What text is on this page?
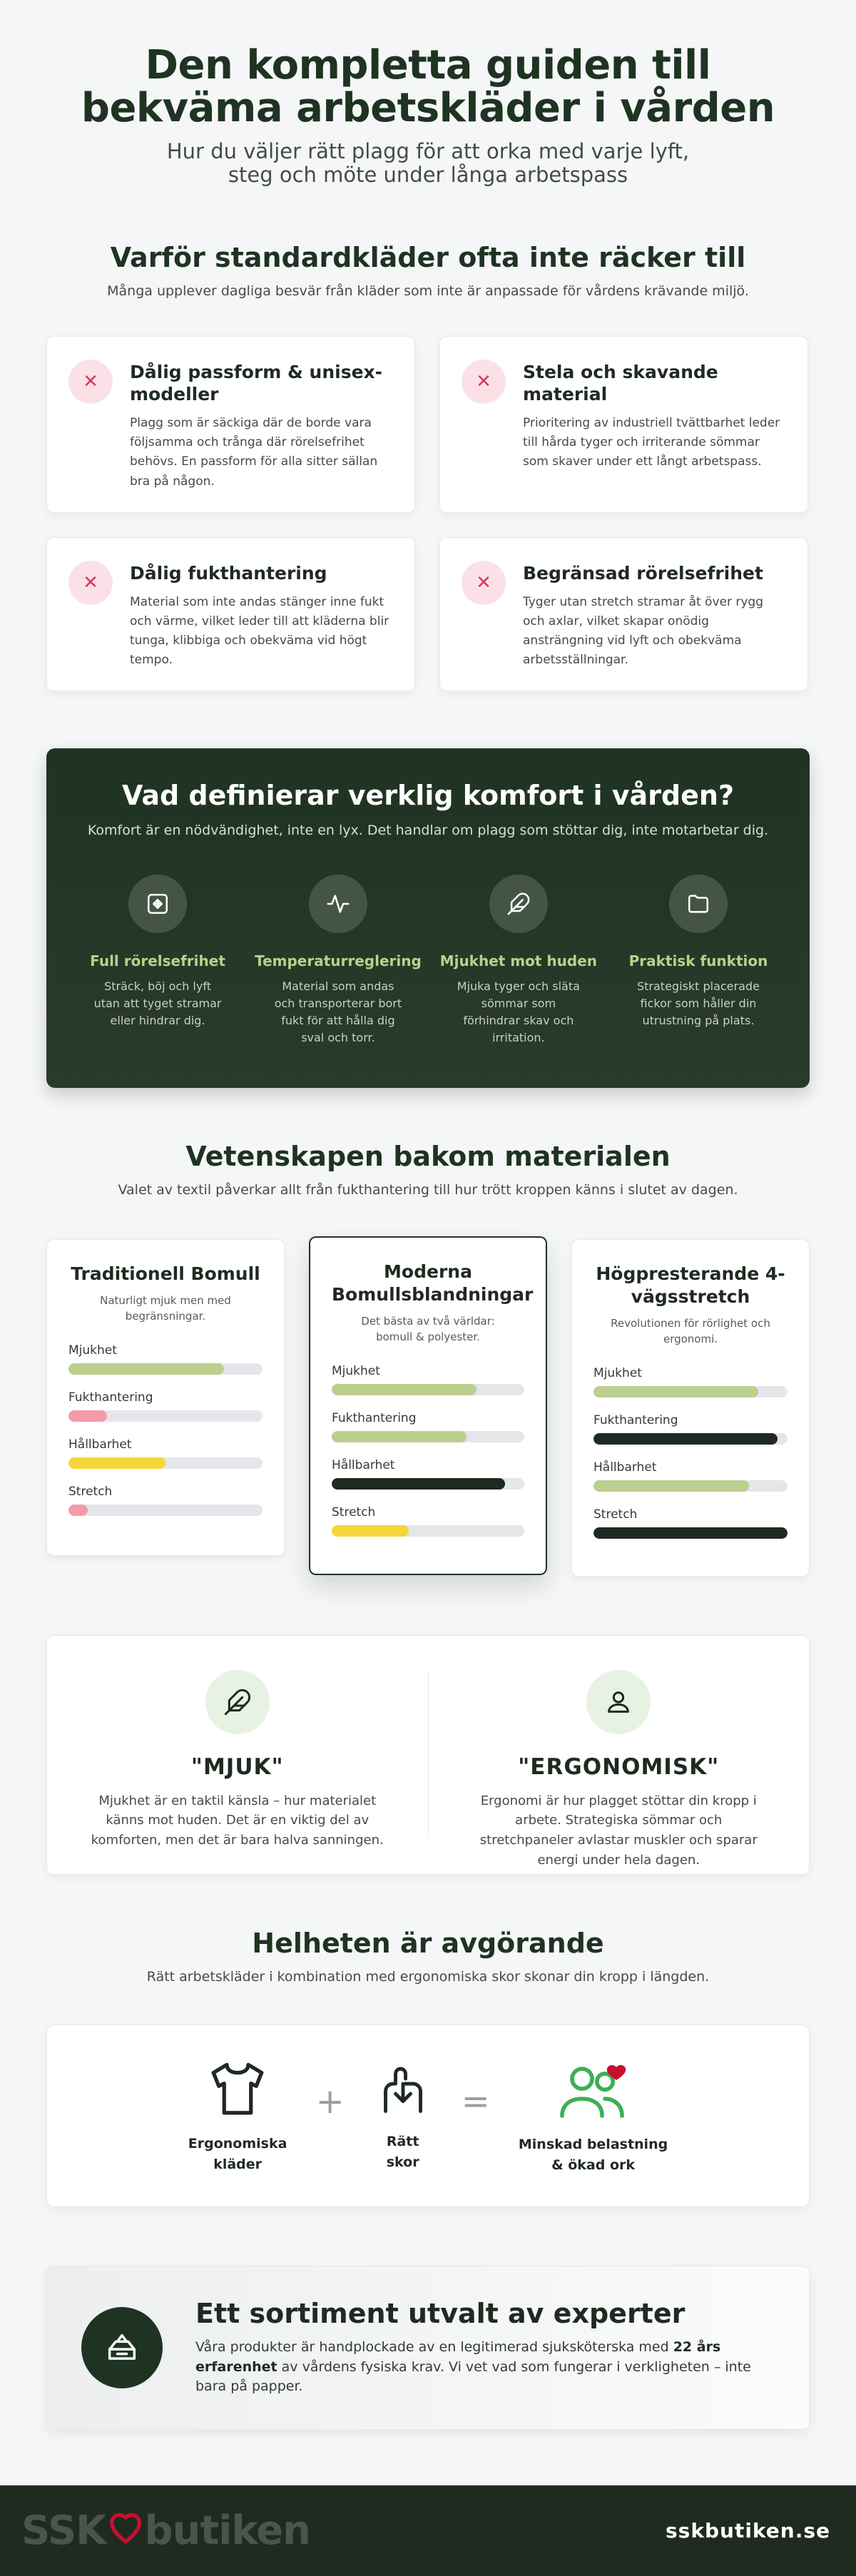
Den kompletta guiden till
bekväma arbetskläder i vården

Hur du väljer rätt plagg för att orka med varje lyft, steg och möte under långa arbetspass

Varför standardkläder ofta inte räcker till

Många upplever dagliga besvär från kläder som inte är anpassade för vårdens krävande miljö.

✕	Dålig passform & unisex-modeller

Plagg som är säckiga där de borde vara följsamma och trånga där rörelsefrihet behövs. En passform för alla sitter sällan bra på någon.

✕	Stela och skavande material

Prioritering av industriell tvättbarhet leder till hårda tyger och irriterande sömmar som skaver under ett långt arbetspass.

✕	Dålig fukthantering

Material som inte andas stänger inne fukt och värme, vilket leder till att kläderna blir tunga, klibbiga och obekväma vid högt tempo.

✕	Begränsad rörelsefrihet

Tyger utan stretch stramar åt över rygg och axlar, vilket skapar onödig ansträngning vid lyft och obekväma arbetsställningar.

Vad definierar verklig komfort i vården?

Komfort är en nödvändighet, inte en lyx. Det handlar om plagg som stöttar dig, inte motarbetar dig.

Full rörelsefrihet

Sträck, böj och lyft utan att tyget stramar eller hindrar dig.

Temperaturreglering

Material som andas och transporterar bort fukt för att hålla dig sval och torr.

Mjukhet mot huden

Mjuka tyger och släta sömmar som förhindrar skav och irritation.

Praktisk funktion

Strategiskt placerade fickor som håller din utrustning på plats.

Vetenskapen bakom materialen

Valet av textil påverkar allt från fukthantering till hur trött kroppen känns i slutet av dagen.

Traditionell Bomull

Naturligt mjuk men med begränsningar.

Mjukhet
Fukthantering
Hållbarhet
Stretch
Moderna Bomullsblandningar

Det bästa av två världar: bomull & polyester.

Mjukhet
Fukthantering
Hållbarhet
Stretch
Högpresterande 4-vägsstretch

Revolutionen för rörlighet och ergonomi.

Mjukhet
Fukthantering
Hållbarhet
Stretch
"MJUK"

Mjukhet är en taktil känsla – hur materialet känns mot huden. Det är en viktig del av komforten, men det är bara halva sanningen.

"ERGONOMISK"

Ergonomi är hur plagget stöttar din kropp i arbete. Strategiska sömmar och stretchpaneler avlastar muskler och sparar energi under hela dagen.

Helheten är avgörande

Rätt arbetskläder i kombination med ergonomiska skor skonar din kropp i längden.

Ergonomiska
kläder
+
Rätt
skor
=
Minskad belastning
& ökad ork
Ett sortiment utvalt av experter

Våra produkter är handplockade av en legitimerad sjuksköterska med 22 års erfarenhet av vårdens fysiska krav. Vi vet vad som fungerar i verkligheten – inte bara på papper.

SSK butiken	sskbutiken.se
